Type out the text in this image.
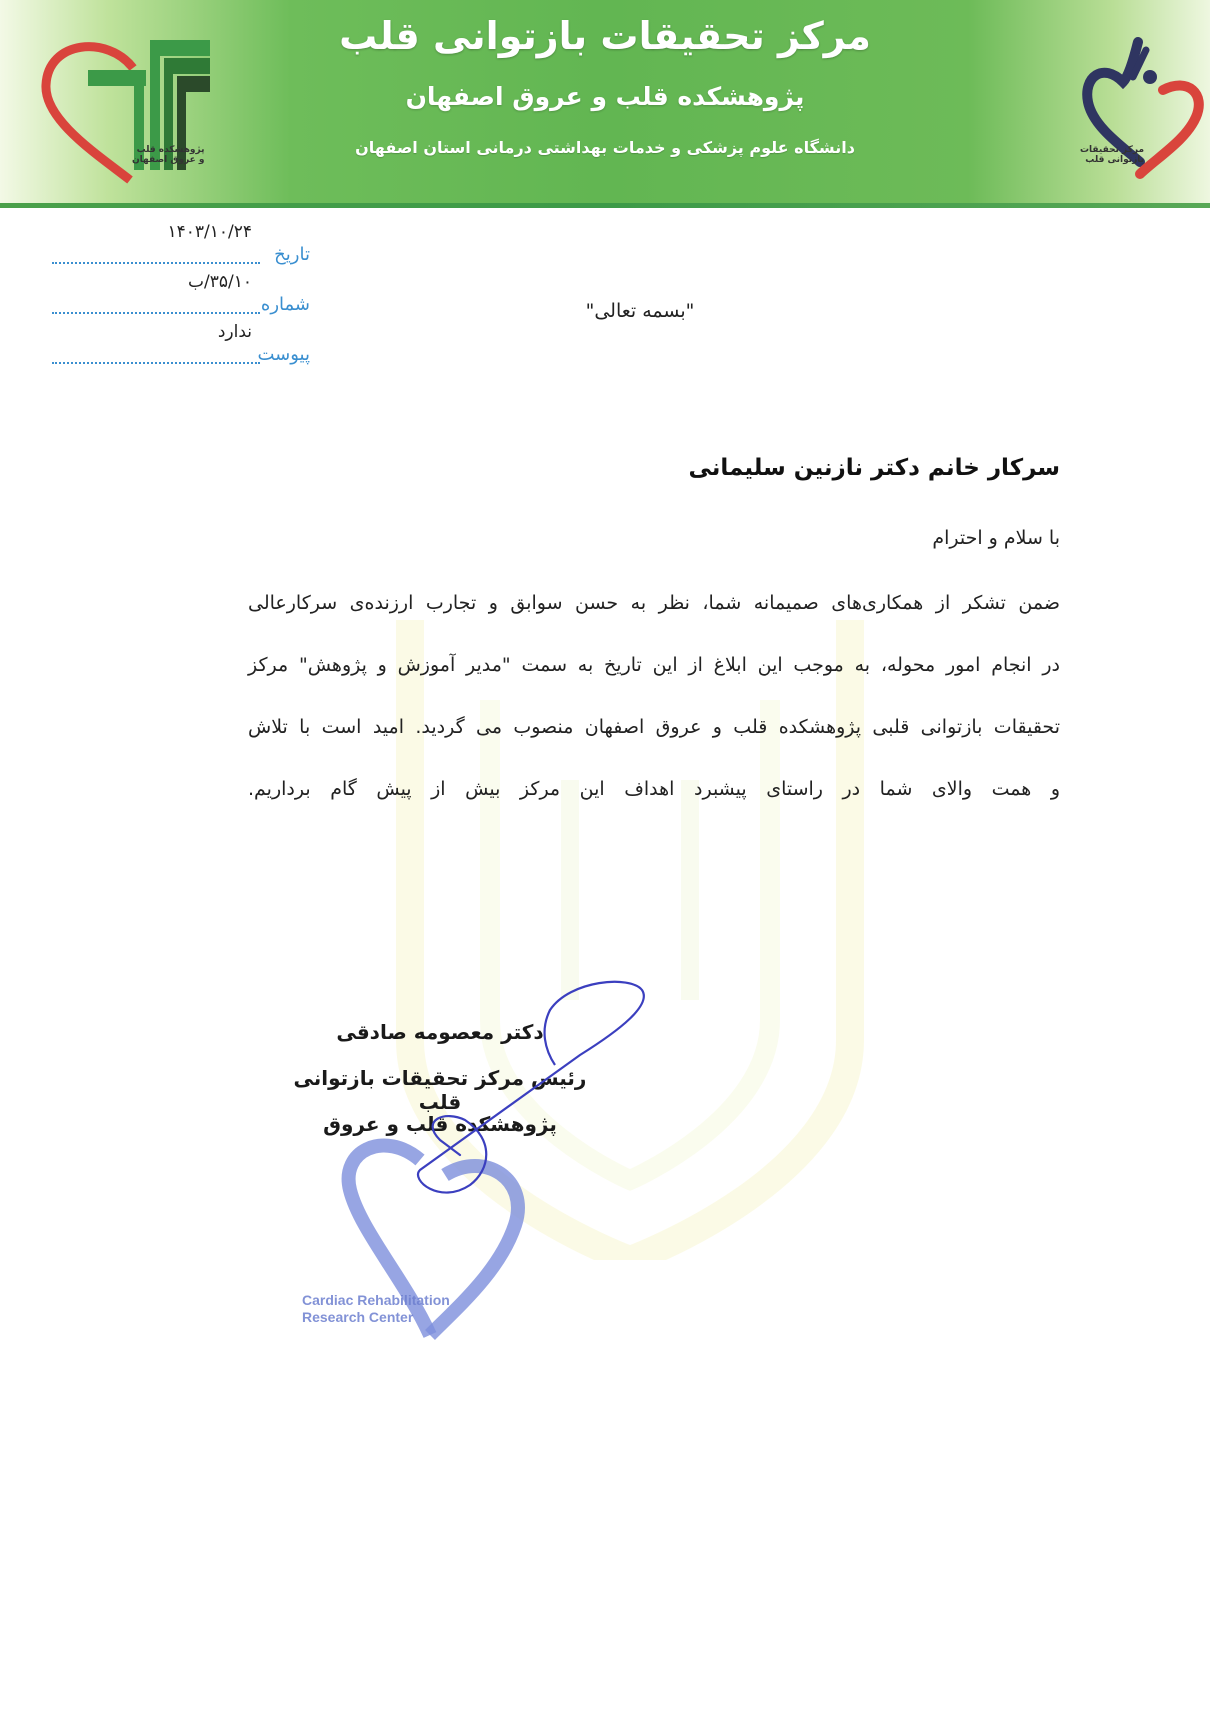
پژوهشکده قلب
و عروق اصفهان
مرکز تحقیقات بازتوانی قلب
پژوهشکده قلب و عروق اصفهان
دانشگاه علوم پزشکی و خدمات بهداشتی درمانی استان اصفهان	مرکز تحقیقات
بازتوانی قلب
۱۴۰۳/۱۰/۲۴
تاریخ
۳۵/۱۰/ب
شماره
ندارد
پیوست
"بسمه تعالی"
سرکار خانم دکتر نازنین سلیمانی
با سلام و احترام
ضمن تشکر از همکاری‌های صمیمانه شما، نظر به حسن سوابق و تجارب ارزنده‌ی سرکارعالی
در انجام امور محوله، به موجب این ابلاغ از این تاریخ به سمت "مدیر آموزش و پژوهش" مرکز
تحقیقات بازتوانی قلبی پژوهشکده قلب و عروق اصفهان منصوب می گردید. امید است با تلاش
و همت والای شما در راستای پیشبرد اهداف این مرکز بیش از پیش گام برداریم.
Cardiac Rehabilitation
Research Center
دکتر معصومه صادقی
رئیس مرکز تحقیقات بازتوانی قلب
پژوهشکده قلب و عروق
